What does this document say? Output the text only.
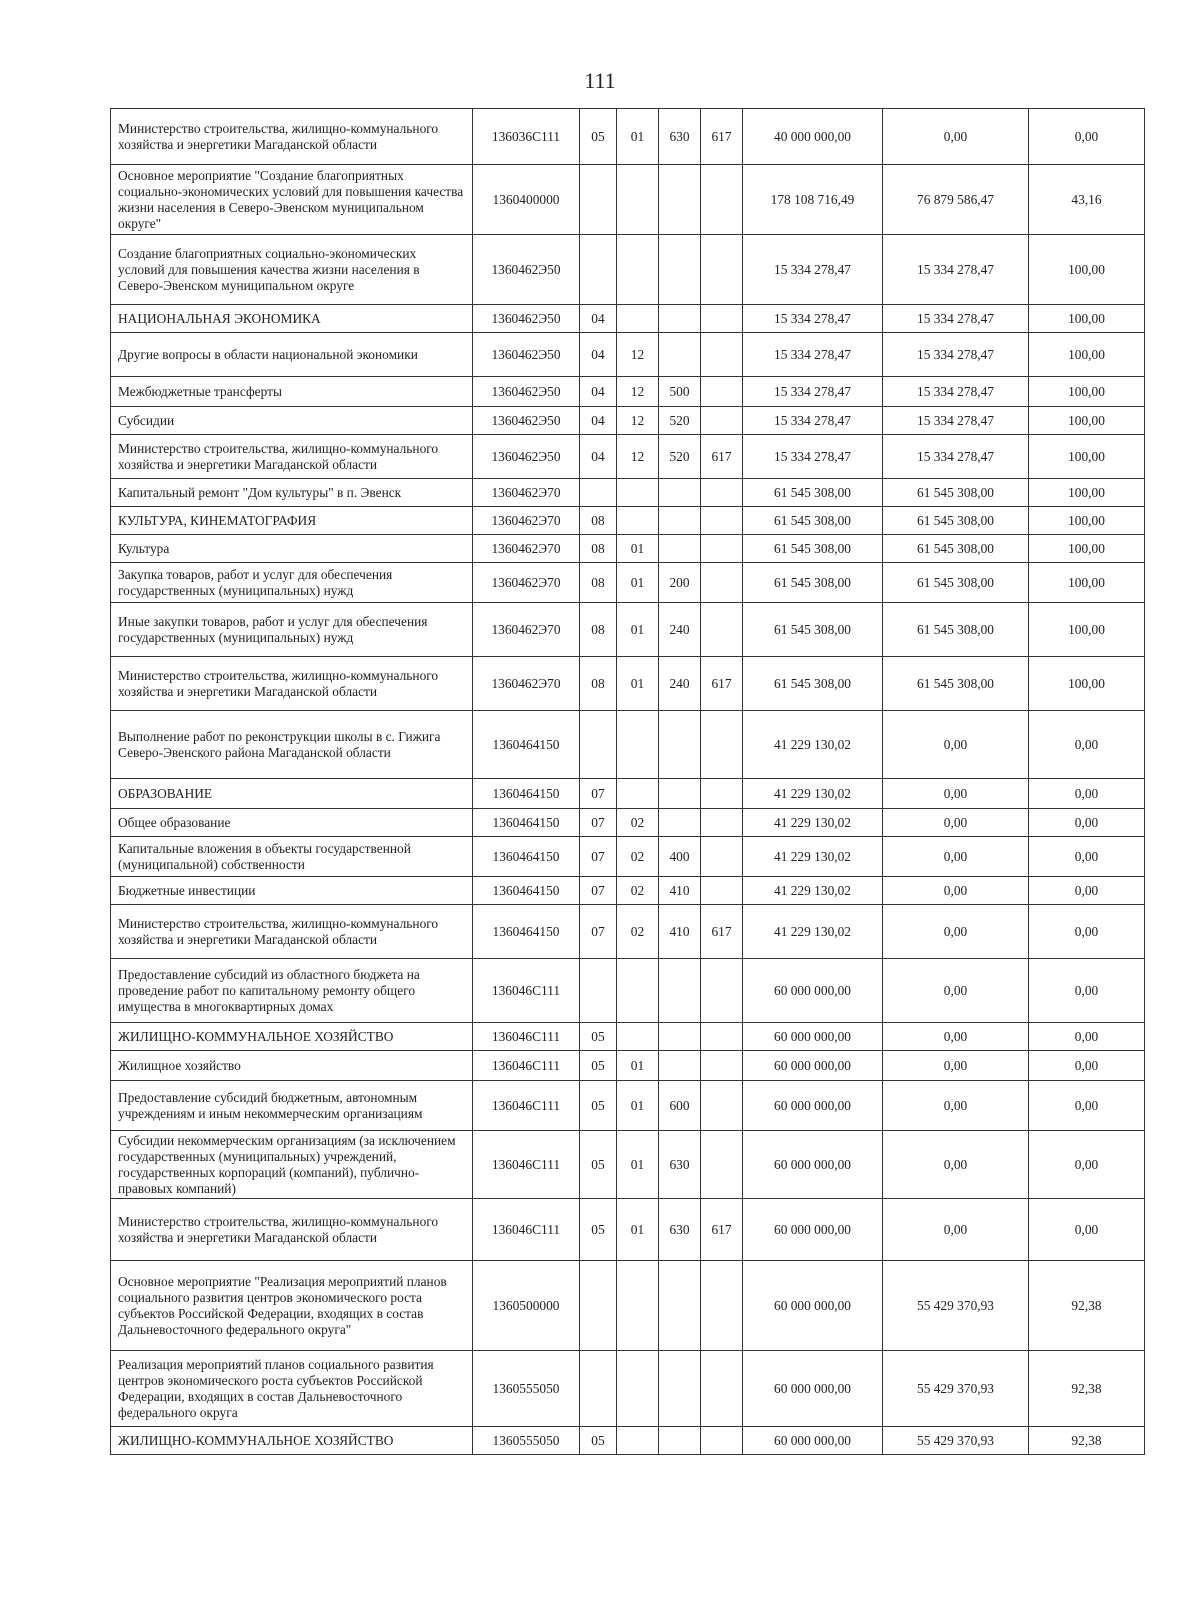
111
Министерство строительства, жилищно-коммунального хозяйства и энергетики Магаданской области	136036С111	05	01	630	617	40 000 000,00	0,00	0,00
Основное мероприятие "Создание благоприятных социально-экономических условий для повышения качества жизни населения в Северо-Эвенском муниципальном округе"	1360400000					178 108 716,49	76 879 586,47	43,16
Создание благоприятных социально-экономических условий для повышения качества жизни населения в Северо-Эвенском муниципальном округе	1360462Э50					15 334 278,47	15 334 278,47	100,00
НАЦИОНАЛЬНАЯ ЭКОНОМИКА	1360462Э50	04				15 334 278,47	15 334 278,47	100,00
Другие вопросы в области национальной экономики	1360462Э50	04	12			15 334 278,47	15 334 278,47	100,00
Межбюджетные трансферты	1360462Э50	04	12	500		15 334 278,47	15 334 278,47	100,00
Субсидии	1360462Э50	04	12	520		15 334 278,47	15 334 278,47	100,00
Министерство строительства, жилищно-коммунального хозяйства и энергетики Магаданской области	1360462Э50	04	12	520	617	15 334 278,47	15 334 278,47	100,00
Капитальный ремонт "Дом культуры" в п. Эвенск	1360462Э70					61 545 308,00	61 545 308,00	100,00
КУЛЬТУРА, КИНЕМАТОГРАФИЯ	1360462Э70	08				61 545 308,00	61 545 308,00	100,00
Культура	1360462Э70	08	01			61 545 308,00	61 545 308,00	100,00
Закупка товаров, работ и услуг для обеспечения государственных (муниципальных) нужд	1360462Э70	08	01	200		61 545 308,00	61 545 308,00	100,00
Иные закупки товаров, работ и услуг для обеспечения государственных (муниципальных) нужд	1360462Э70	08	01	240		61 545 308,00	61 545 308,00	100,00
Министерство строительства, жилищно-коммунального хозяйства и энергетики Магаданской области	1360462Э70	08	01	240	617	61 545 308,00	61 545 308,00	100,00
Выполнение работ по реконструкции школы в с. Гижига Северо-Эвенского района Магаданской области	1360464150					41 229 130,02	0,00	0,00
ОБРАЗОВАНИЕ	1360464150	07				41 229 130,02	0,00	0,00
Общее образование	1360464150	07	02			41 229 130,02	0,00	0,00
Капитальные вложения в объекты государственной (муниципальной) собственности	1360464150	07	02	400		41 229 130,02	0,00	0,00
Бюджетные инвестиции	1360464150	07	02	410		41 229 130,02	0,00	0,00
Министерство строительства, жилищно-коммунального хозяйства и энергетики Магаданской области	1360464150	07	02	410	617	41 229 130,02	0,00	0,00
Предоставление субсидий из областного бюджета на проведение работ по капитальному ремонту общего имущества в многоквартирных домах	136046С111					60 000 000,00	0,00	0,00
ЖИЛИЩНО-КОММУНАЛЬНОЕ ХОЗЯЙСТВО	136046С111	05				60 000 000,00	0,00	0,00
Жилищное хозяйство	136046С111	05	01			60 000 000,00	0,00	0,00
Предоставление субсидий бюджетным, автономным учреждениям и иным некоммерческим организациям	136046С111	05	01	600		60 000 000,00	0,00	0,00
Субсидии некоммерческим организациям (за исключением государственных (муниципальных) учреждений, государственных корпораций (компаний), публично-правовых компаний)	136046С111	05	01	630		60 000 000,00	0,00	0,00
Министерство строительства, жилищно-коммунального хозяйства и энергетики Магаданской области	136046С111	05	01	630	617	60 000 000,00	0,00	0,00
Основное мероприятие "Реализация мероприятий планов социального развития центров экономического роста субъектов Российской Федерации, входящих в состав Дальневосточного федерального округа"	1360500000					60 000 000,00	55 429 370,93	92,38
Реализация мероприятий планов социального развития центров экономического роста субъектов Российской Федерации, входящих в состав Дальневосточного федерального округа	1360555050					60 000 000,00	55 429 370,93	92,38
ЖИЛИЩНО-КОММУНАЛЬНОЕ ХОЗЯЙСТВО	1360555050	05				60 000 000,00	55 429 370,93	92,38
